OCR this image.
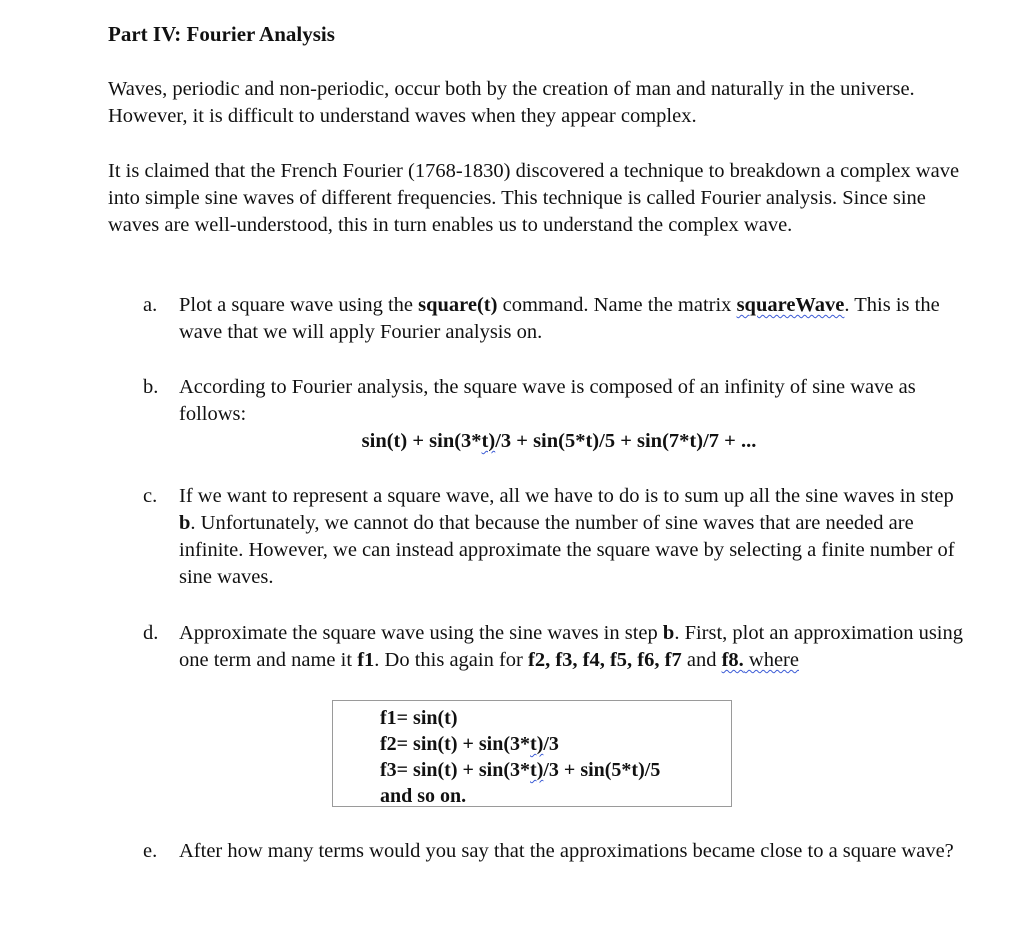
Part IV: Fourier Analysis

Waves, periodic and non-periodic, occur both by the creation of man and naturally in the universe. However, it is difficult to understand waves when they appear complex.

It is claimed that the French Fourier (1768-1830) discovered a technique to breakdown a complex wave into simple sine waves of different frequencies. This technique is called Fourier analysis. Since sine waves are well-understood, this in turn enables us to understand the complex wave.

a.	Plot a square wave using the square(t) command. Name the matrix squareWave. This is the wave that we will apply Fourier analysis on.
b.	According to Fourier analysis, the square wave is composed of an infinity of sine wave as follows:
sin(t) + sin(3*t)/3 + sin(5*t)/5 + sin(7*t)/7 + ...
c.	If we want to represent a square wave, all we have to do is to sum up all the sine waves in step b. Unfortunately, we cannot do that because the number of sine waves that are needed are infinite. However, we can instead approximate the square wave by selecting a finite number of sine waves.
d.	Approximate the square wave using the sine waves in step b. First, plot an approximation using one term and name it f1. Do this again for f2, f3, f4, f5, f6, f7 and f8. where
f1= sin(t)
f2= sin(t) + sin(3*t)/3
f3= sin(t) + sin(3*t)/3 + sin(5*t)/5
and so on.
e.	After how many terms would you say that the approximations became close to a square wave?
